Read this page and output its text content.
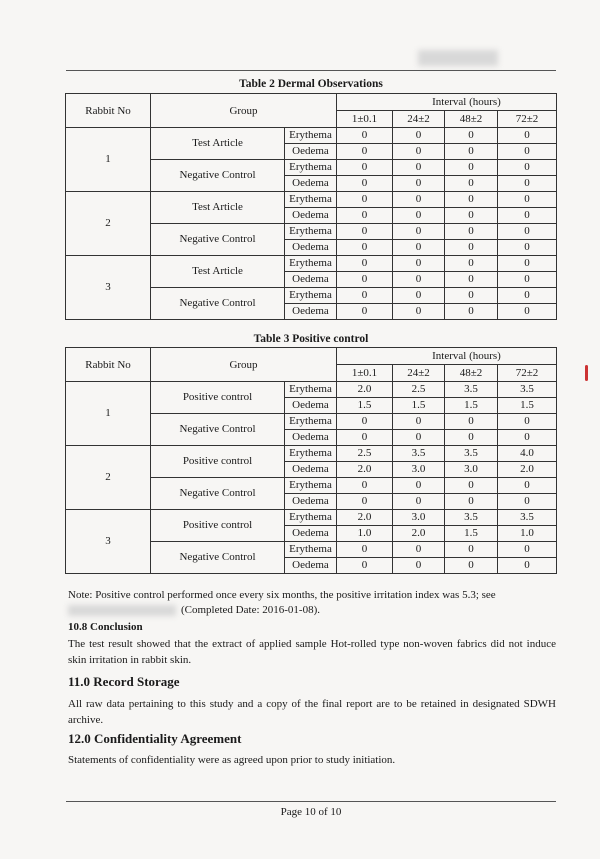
Table 2 Dermal Observations
Rabbit No	Group		Interval (hours)			
			1±0.1	24±2	48±2	72±2
1	Test Article	Erythema	0	0	0	0
		Oedema	0	0	0	0
	Negative Control	Erythema	0	0	0	0
		Oedema	0	0	0	0
2	Test Article	Erythema	0	0	0	0
		Oedema	0	0	0	0
	Negative Control	Erythema	0	0	0	0
		Oedema	0	0	0	0
3	Test Article	Erythema	0	0	0	0
		Oedema	0	0	0	0
	Negative Control	Erythema	0	0	0	0
		Oedema	0	0	0	0
Table 3 Positive control
Rabbit No	Group		Interval (hours)			
			1±0.1	24±2	48±2	72±2
1	Positive control	Erythema	2.0	2.5	3.5	3.5
		Oedema	1.5	1.5	1.5	1.5
	Negative Control	Erythema	0	0	0	0
		Oedema	0	0	0	0
2	Positive control	Erythema	2.5	3.5	3.5	4.0
		Oedema	2.0	3.0	3.0	2.0
	Negative Control	Erythema	0	0	0	0
		Oedema	0	0	0	0
3	Positive control	Erythema	2.0	3.0	3.5	3.5
		Oedema	1.0	2.0	1.5	1.0
	Negative Control	Erythema	0	0	0	0
		Oedema	0	0	0	0
Note: Positive control performed once every six months, the positive irritation index was 5.3; see
(Completed Date: 2016-01-08).
10.8 Conclusion
The test result showed that the extract of applied sample Hot-rolled type non-woven fabrics did not induce skin irritation in rabbit skin.
11.0 Record Storage
All raw data pertaining to this study and a copy of the final report are to be retained in designated SDWH archive.
12.0 Confidentiality Agreement
Statements of confidentiality were as agreed upon prior to study initiation.
Page 10 of 10
